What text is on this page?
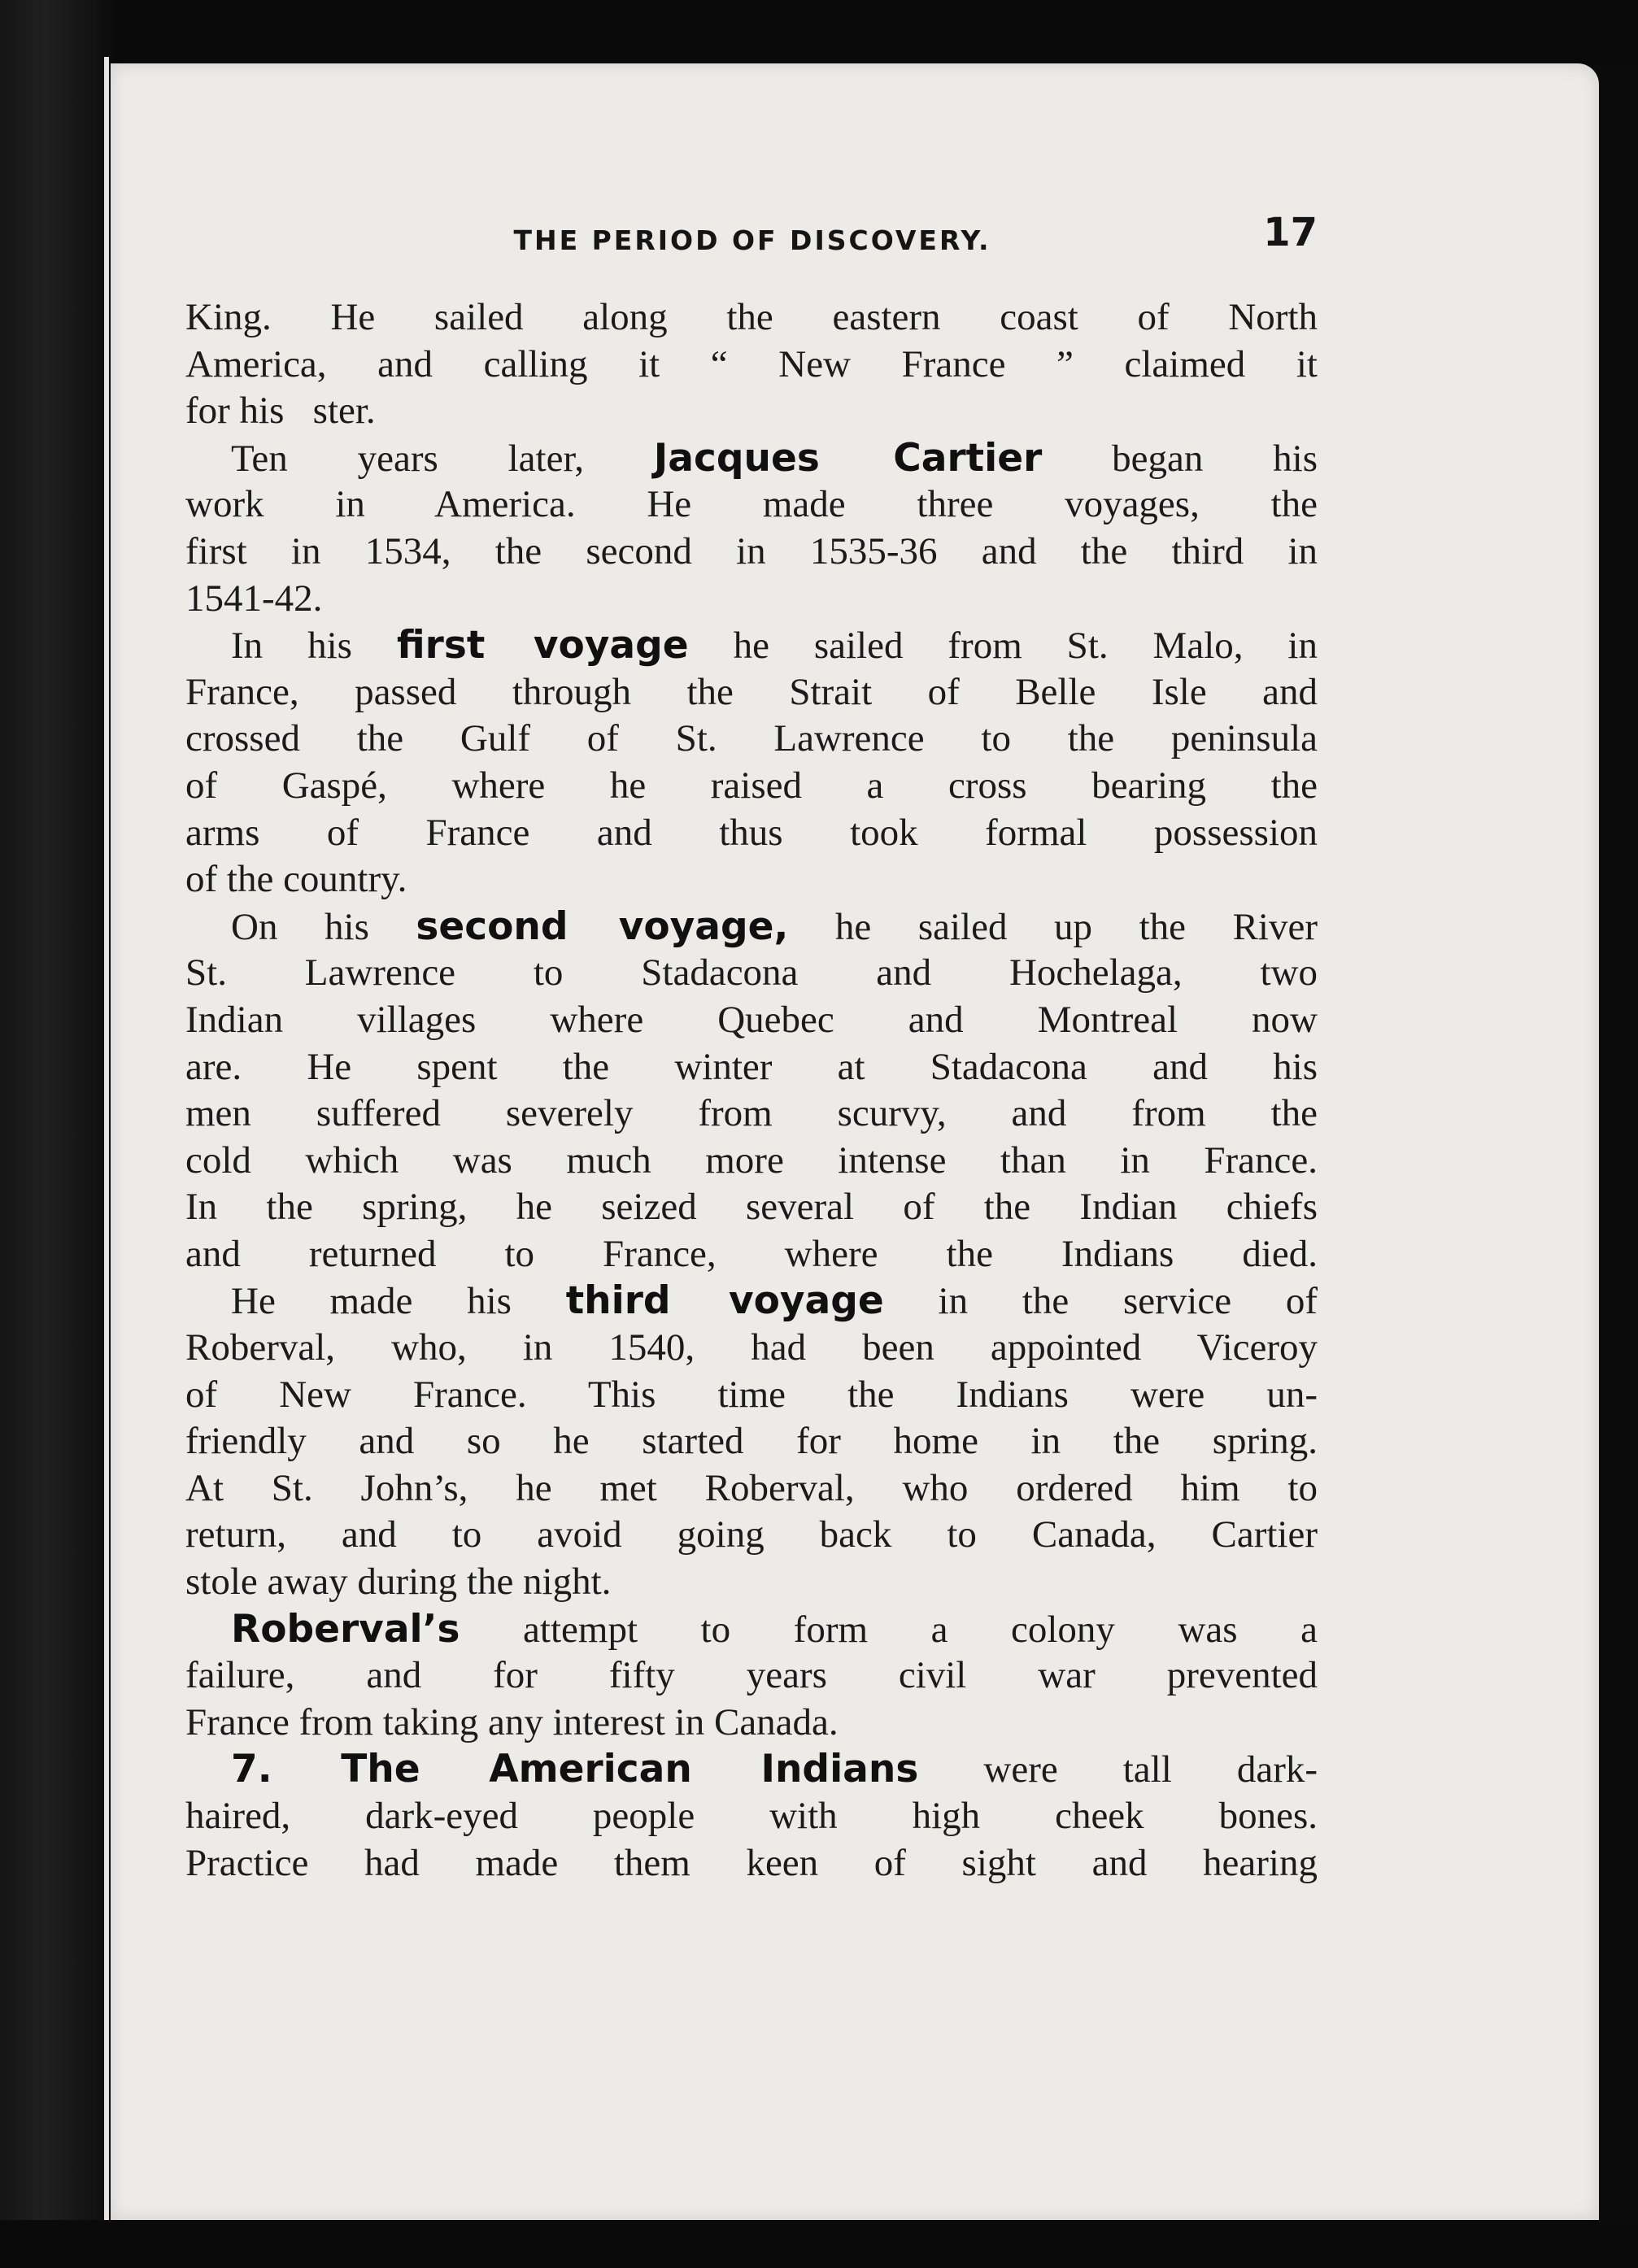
THE PERIOD OF DISCOVERY.	17
King. He sailed along the eastern coast of North
America, and calling it “ New France ” claimed it
for his   ster.
Ten years later, Jacques Cartier began his
work in America. He made three voyages, the
first in 1534, the second in 1535-36 and the third in
1541-42.
In his first voyage he sailed from St. Malo, in
France, passed through the Strait of Belle Isle and
crossed the Gulf of St. Lawrence to the peninsula
of Gaspé, where he raised a cross bearing the
arms of France and thus took formal possession
of the country.
On his second voyage, he sailed up the River
St. Lawrence to Stadacona and Hochelaga, two
Indian villages where Quebec and Montreal now
are. He spent the winter at Stadacona and his
men suffered severely from scurvy, and from the
cold which was much more intense than in France.
In the spring, he seized several of the Indian chiefs
and returned to France, where the Indians died.
He made his third voyage in the service of
Roberval, who, in 1540, had been appointed Viceroy
of New France. This time the Indians were un-
friendly and so he started for home in the spring.
At St. John’s, he met Roberval, who ordered him to
return, and to avoid going back to Canada, Cartier
stole away during the night.
Roberval’s attempt to form a colony was a
failure, and for fifty years civil war prevented
France from taking any interest in Canada.
7. The American Indians were tall dark-
haired, dark-eyed people with high cheek bones.
Practice had made them keen of sight and hearing
